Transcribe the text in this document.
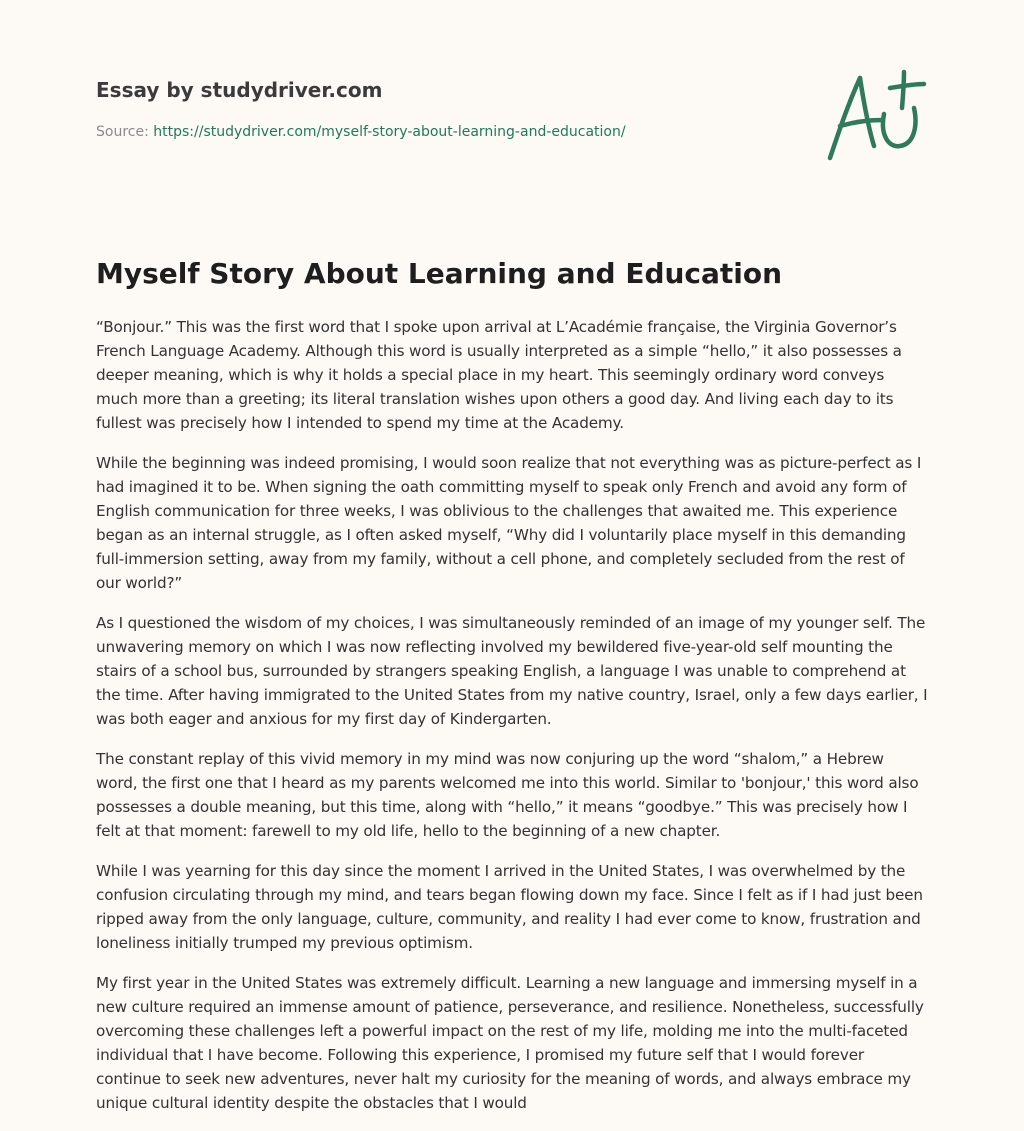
Essay by studydriver.com
Source: https://studydriver.com/myself-story-about-learning-and-education/
Myself Story About Learning and Education

“Bonjour.” This was the first word that I spoke upon arrival at L’Académie française, the Virginia Governor’s French Language Academy. Although this word is usually interpreted as a simple “hello,” it also possesses a deeper meaning, which is why it holds a special place in my heart. This seemingly ordinary word conveys much more than a greeting; its literal translation wishes upon others a good day. And living each day to its fullest was precisely how I intended to spend my time at the Academy.

While the beginning was indeed promising, I would soon realize that not everything was as picture-perfect as I had imagined it to be. When signing the oath committing myself to speak only French and avoid any form of English communication for three weeks, I was oblivious to the challenges that awaited me. This experience began as an internal struggle, as I often asked myself, “Why did I voluntarily place myself in this demanding full-immersion setting, away from my family, without a cell phone, and completely secluded from the rest of our world?”

As I questioned the wisdom of my choices, I was simultaneously reminded of an image of my younger self. The unwavering memory on which I was now reflecting involved my bewildered five-year-old self mounting the stairs of a school bus, surrounded by strangers speaking English, a language I was unable to comprehend at the time. After having immigrated to the United States from my native country, Israel, only a few days earlier, I was both eager and anxious for my first day of Kindergarten.

The constant replay of this vivid memory in my mind was now conjuring up the word “shalom,” a Hebrew word, the first one that I heard as my parents welcomed me into this world. Similar to 'bonjour,' this word also possesses a double meaning, but this time, along with “hello,” it means “goodbye.” This was precisely how I felt at that moment: farewell to my old life, hello to the beginning of a new chapter.

While I was yearning for this day since the moment I arrived in the United States, I was overwhelmed by the confusion circulating through my mind, and tears began flowing down my face. Since I felt as if I had just been ripped away from the only language, culture, community, and reality I had ever come to know, frustration and loneliness initially trumped my previous optimism.

My first year in the United States was extremely difficult. Learning a new language and immersing myself in a new culture required an immense amount of patience, perseverance, and resilience. Nonetheless, successfully overcoming these challenges left a powerful impact on the rest of my life, molding me into the multi-faceted individual that I have become. Following this experience, I promised my future self that I would forever continue to seek new adventures, never halt my curiosity for the meaning of words, and always embrace my unique cultural identity despite the obstacles that I would
